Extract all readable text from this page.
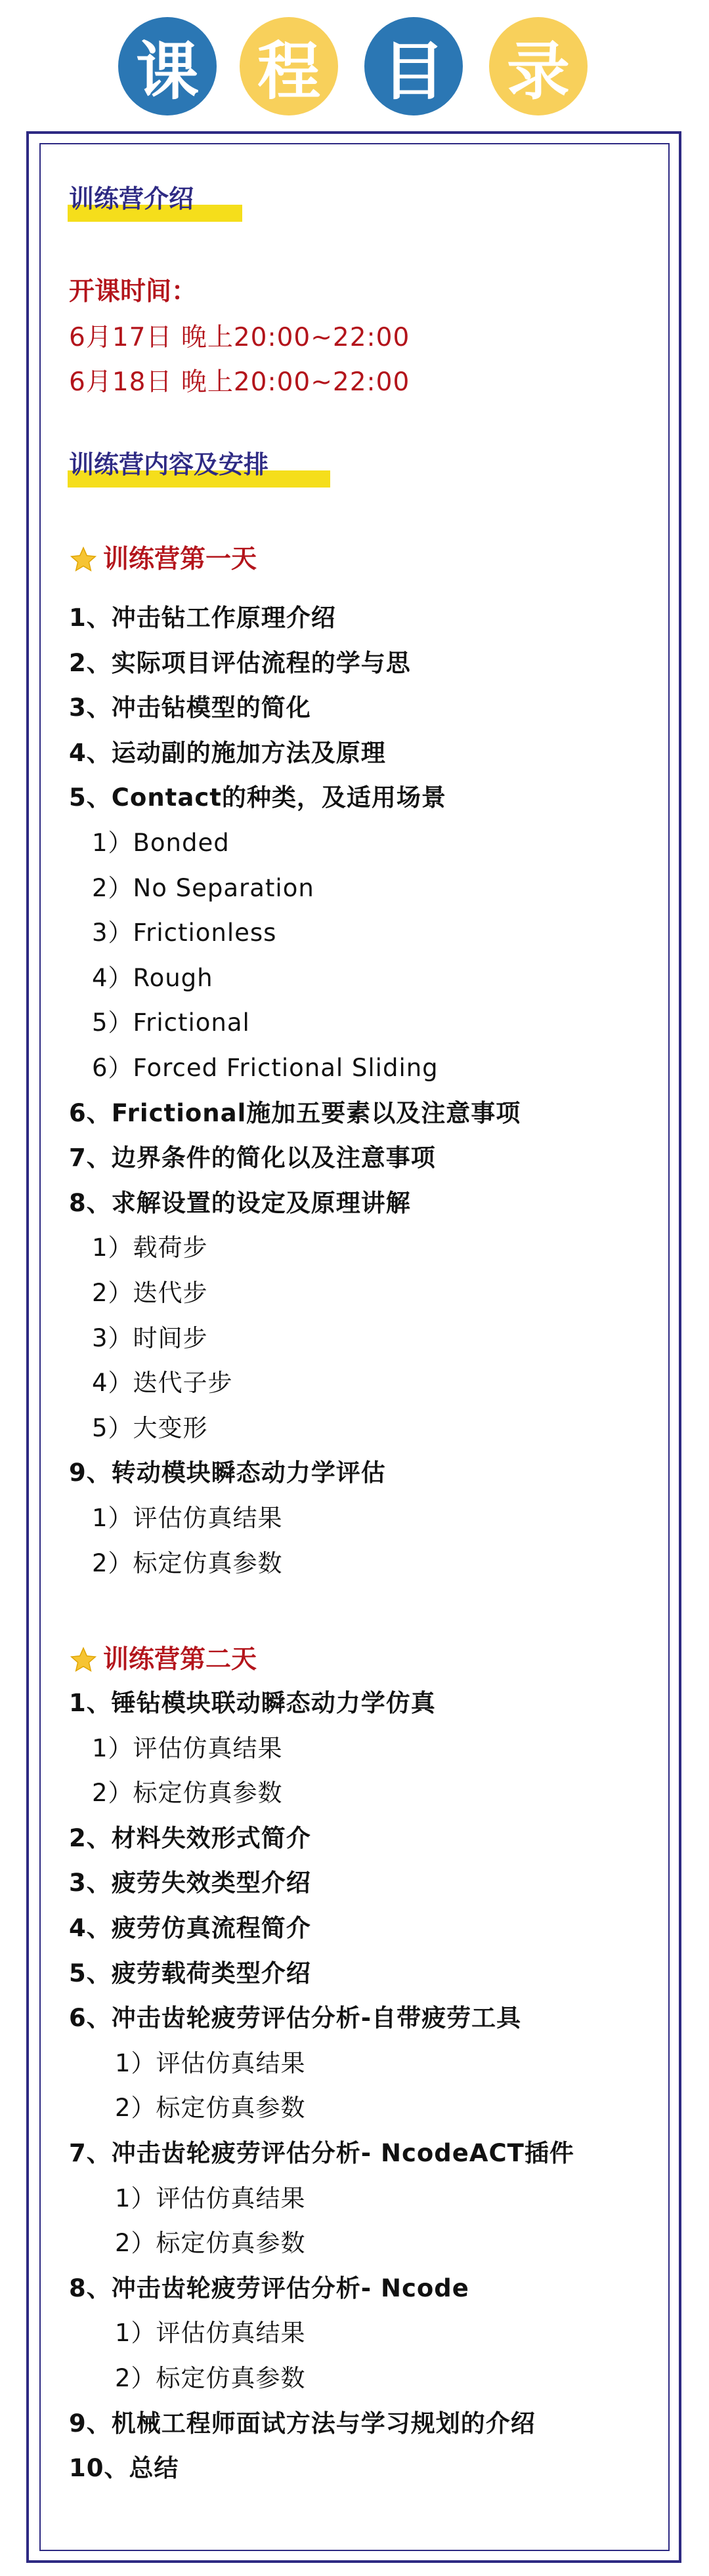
课 程 目 录
训练营介绍
开课时间：
6月17日 晚上20:00~22:00
6月18日 晚上20:00~22:00
训练营内容及安排
训练营第一天
1、冲击钻工作原理介绍
2、实际项目评估流程的学与思
3、冲击钻模型的简化
4、运动副的施加方法及原理
5、Contact的种类，及适用场景
1）Bonded
2）No Separation
3）Frictionless
4）Rough
5）Frictional
6）Forced Frictional Sliding
6、Frictional施加五要素以及注意事项
7、边界条件的简化以及注意事项
8、求解设置的设定及原理讲解
1）载荷步
2）迭代步
3）时间步
4）迭代子步
5）大变形
9、转动模块瞬态动力学评估
1）评估仿真结果
2）标定仿真参数
训练营第二天
1、锤钻模块联动瞬态动力学仿真
1）评估仿真结果
2）标定仿真参数
2、材料失效形式简介
3、疲劳失效类型介绍
4、疲劳仿真流程简介
5、疲劳载荷类型介绍
6、冲击齿轮疲劳评估分析-自带疲劳工具
1）评估仿真结果
2）标定仿真参数
7、冲击齿轮疲劳评估分析- NcodeACT插件
1）评估仿真结果
2）标定仿真参数
8、冲击齿轮疲劳评估分析- Ncode
1）评估仿真结果
2）标定仿真参数
9、机械工程师面试方法与学习规划的介绍
10、总结
